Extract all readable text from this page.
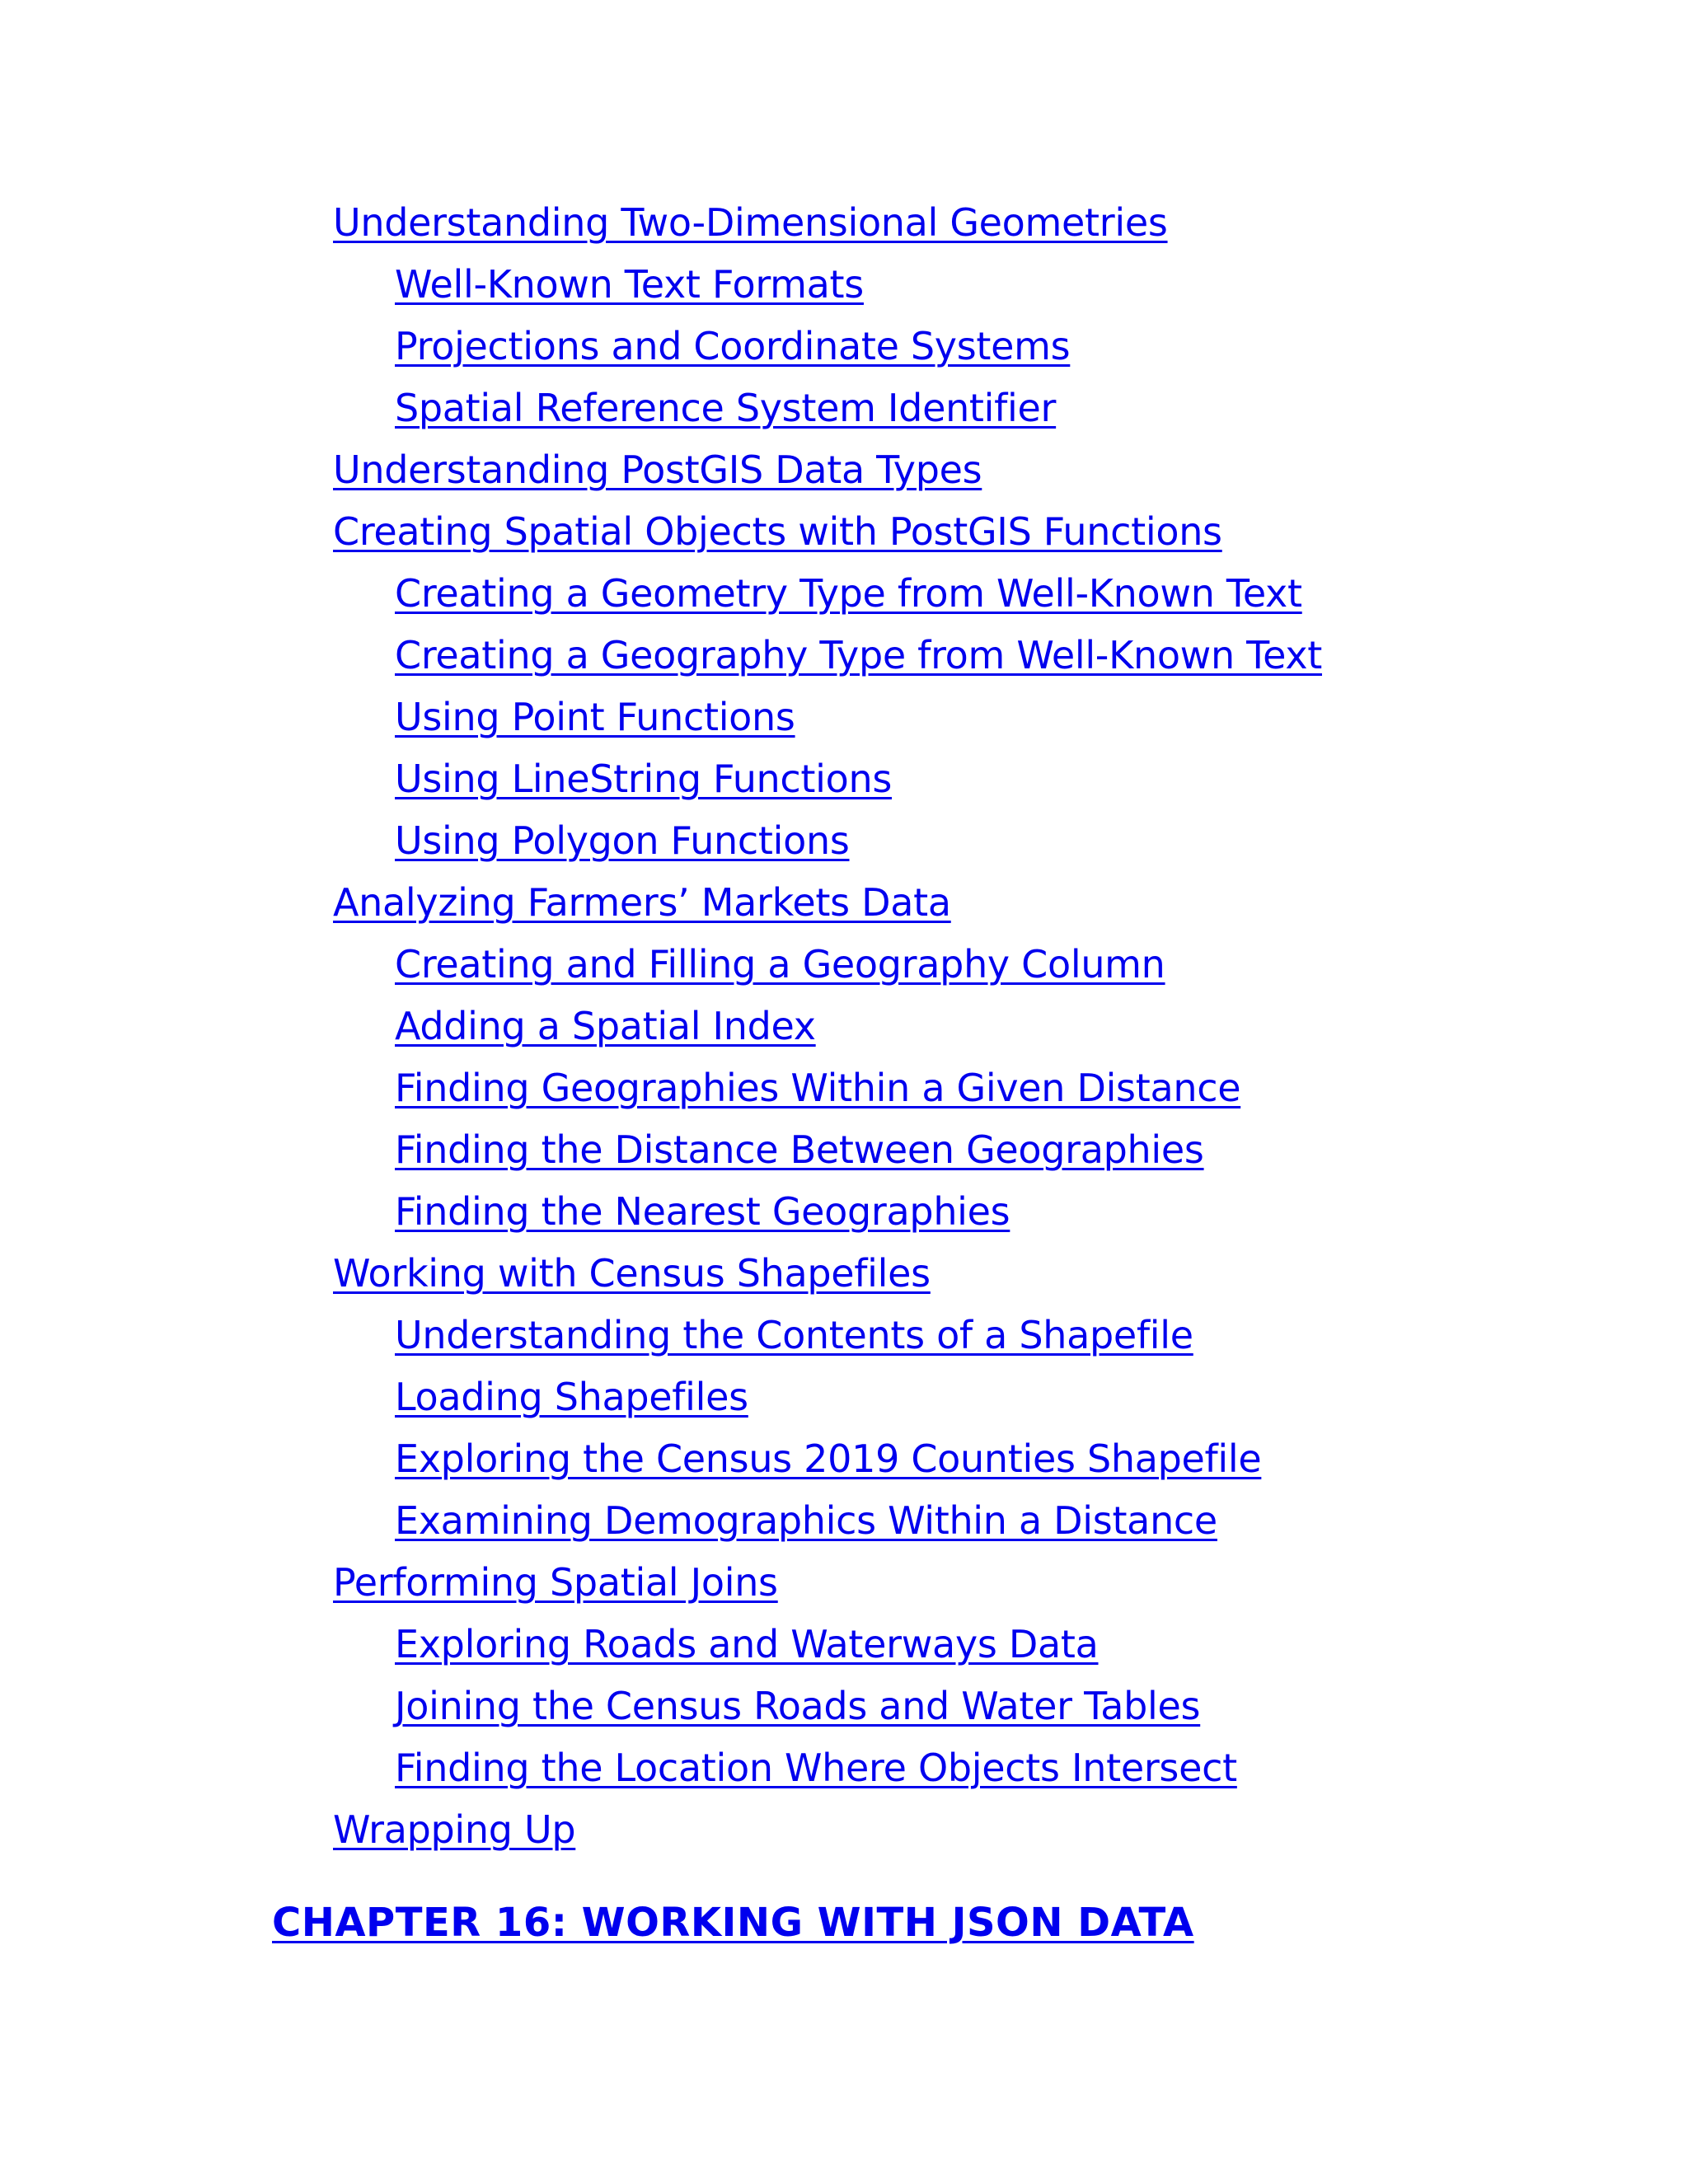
Understanding Two-Dimensional Geometries
Well-Known Text Formats
Projections and Coordinate Systems
Spatial Reference System Identifier
Understanding PostGIS Data Types
Creating Spatial Objects with PostGIS Functions
Creating a Geometry Type from Well-Known Text
Creating a Geography Type from Well-Known Text
Using Point Functions
Using LineString Functions
Using Polygon Functions
Analyzing Farmers’ Markets Data
Creating and Filling a Geography Column
Adding a Spatial Index
Finding Geographies Within a Given Distance
Finding the Distance Between Geographies
Finding the Nearest Geographies
Working with Census Shapefiles
Understanding the Contents of a Shapefile
Loading Shapefiles
Exploring the Census 2019 Counties Shapefile
Examining Demographics Within a Distance
Performing Spatial Joins
Exploring Roads and Waterways Data
Joining the Census Roads and Water Tables
Finding the Location Where Objects Intersect
Wrapping Up
CHAPTER 16: WORKING WITH JSON DATA
